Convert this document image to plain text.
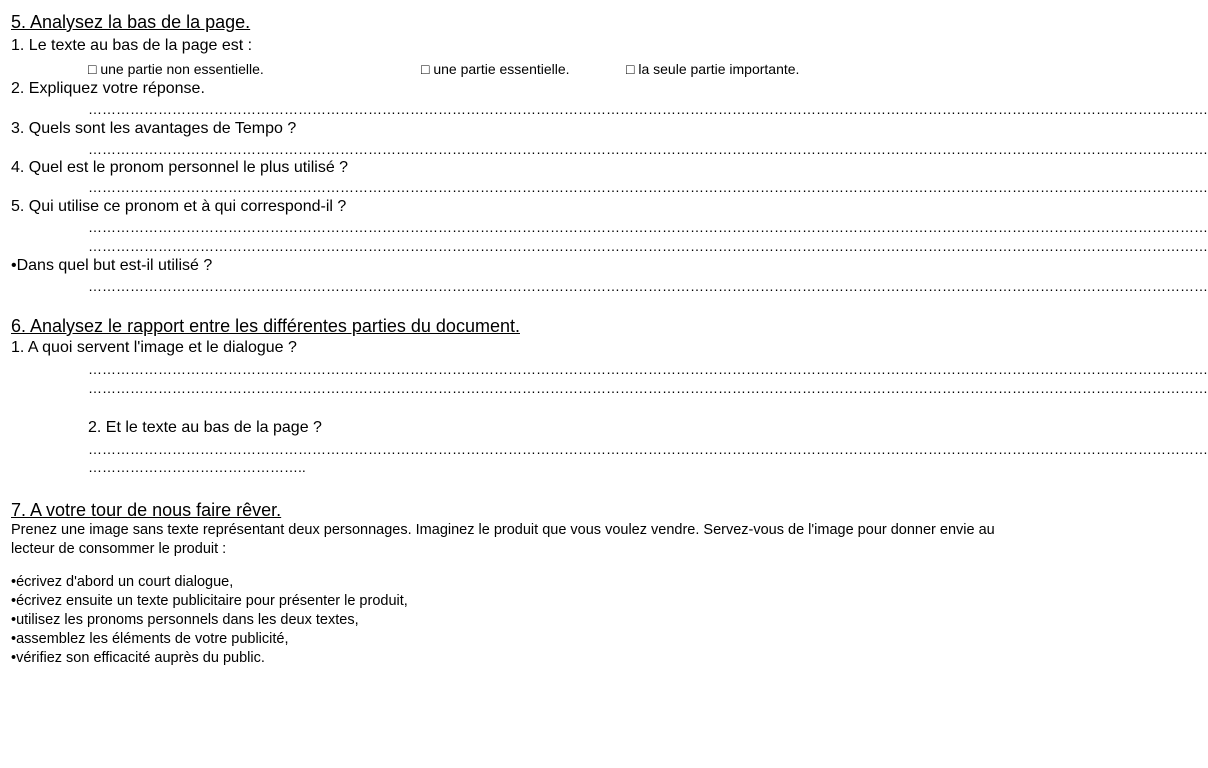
5. Analysez la bas de la page.
1. Le texte au bas de la page est :
□ une partie non essentielle.	□ une partie essentielle.	□ la seule partie importante.
2. Expliquez votre réponse.
……………………………………………………………………………………………………………………………………………………………………………………………………………………
3. Quels sont les avantages de Tempo ?
……………………………………………………………………………………………………………………………………………………………………………………………………………………
4. Quel est le pronom personnel le plus utilisé ?
……………………………………………………………………………………………………………………………………………………………………………………………………………………
5. Qui utilise ce pronom et à qui correspond-il ?
……………………………………………………………………………………………………………………………………………………………………………………………………………………
……………………………………………………………………………………………………………………………………………………………………………………………………………………
•Dans quel but est-il utilisé ?
……………………………………………………………………………………………………………………………………………………………………………………………………………………
6. Analysez le rapport entre les différentes parties du document.
1. A quoi servent l'image et le dialogue ?
……………………………………………………………………………………………………………………………………………………………………………………………………………………
……………………………………………………………………………………………………………………………………………………………………………………………………………………
2. Et le texte au bas de la page ?
……………………………………………………………………………………………………………………………………………………………………………………………………………………
………………………………………..
7. A votre tour de nous faire rêver.
Prenez une image sans texte représentant deux personnages. Imaginez le produit que vous voulez vendre. Servez-vous de l'image pour donner envie au lecteur de consommer le produit :
•écrivez d'abord un court dialogue,
•écrivez ensuite un texte publicitaire pour présenter le produit,
•utilisez les pronoms personnels dans les deux textes,
•assemblez les éléments de votre publicité,
•vérifiez son efficacité auprès du public.
